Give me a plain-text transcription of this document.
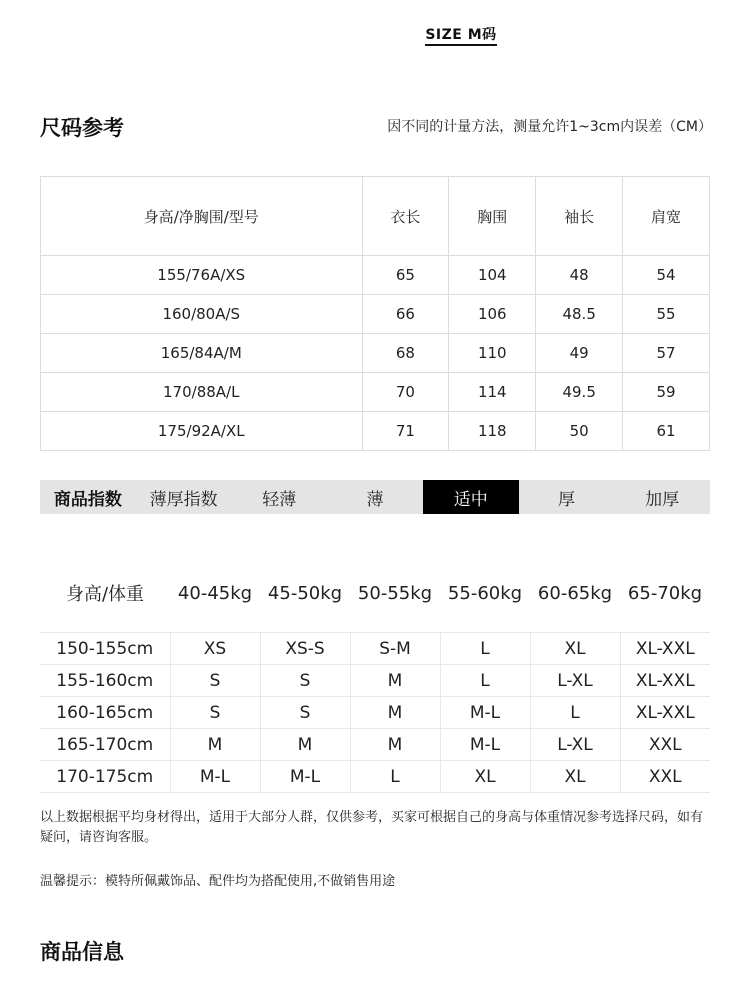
SIZE M码
尺码参考	因不同的计量方法，测量允许1~3cm内误差（CM）
身高/净胸围/型号	衣长	胸围	袖长	肩宽
155/76A/XS	65	104	48	54
160/80A/S	66	106	48.5	55
165/84A/M	68	110	49	57
170/88A/L	70	114	49.5	59
175/92A/XL	71	118	50	61
商品指数	薄厚指数	轻薄	薄	适中	厚	加厚
身高/体重	40-45kg	45-50kg	50-55kg	55-60kg	60-65kg	65-70kg

150-155cm	XS	XS-S	S-M	L	XL	XL-XXL
155-160cm	S	S	M	L	L-XL	XL-XXL
160-165cm	S	S	M	M-L	L	XL-XXL
165-170cm	M	M	M	M-L	L-XL	XXL
170-175cm	M-L	M-L	L	XL	XL	XXL
以上数据根据平均身材得出，适用于大部分人群，仅供参考，买家可根据自己的身高与体重情况参考选择尺码，如有疑问，请咨询客服。
温馨提示：模特所佩戴饰品、配件均为搭配使用,不做销售用途
商品信息
